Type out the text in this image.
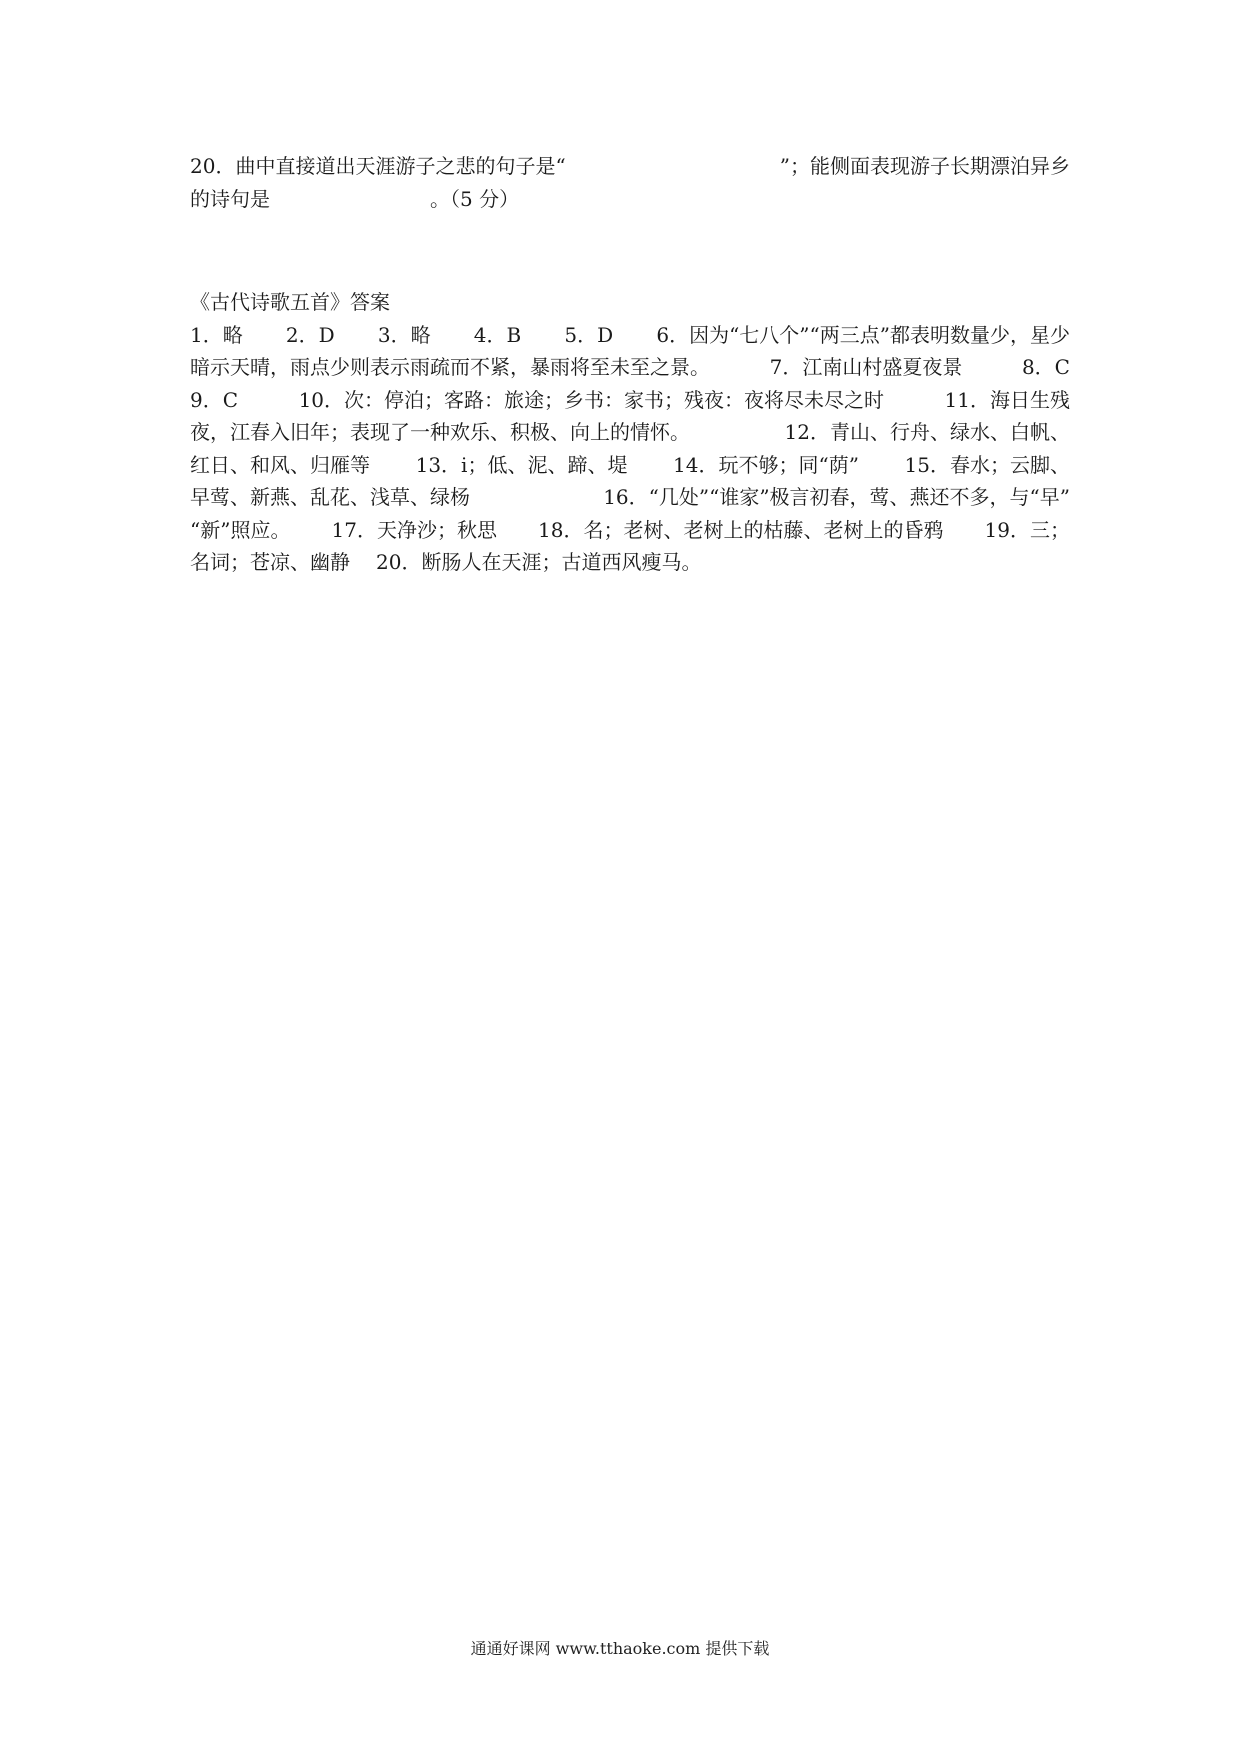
20．曲中直接道出天涯游子之悲的句子是“	”；能侧面表现游子长期漂泊异乡
的诗句是	。（5 分）
《古代诗歌五首》答案
1．略 2．D 3．略 4．B 5．D 6．因为“七八个”“两三点”都表明数量少，星少
暗示天晴，雨点少则表示雨疏而不紧，暴雨将至未至之景。	7．江南山村盛夏夜景	8．C
9．C	10．次：停泊；客路：旅途；乡书：家书；残夜：夜将尽未尽之时	11．海日生残
夜，江春入旧年；表现了一种欢乐、积极、向上的情怀。	12．青山、行舟、绿水、白帆、
红日、和风、归雁等 13．i；低、泥、蹄、堤 14．玩不够；同“荫” 15．春水；云脚、
早莺、新燕、乱花、浅草、绿杨	16．“几处”“谁家”极言初春，莺、燕还不多，与“早”
“新”照应。 17．天净沙；秋思 18．名；老树、老树上的枯藤、老树上的昏鸦 19．三；
名词；苍凉、幽静 20．断肠人在天涯；古道西风瘦马。
通通好课网 www.tthaoke.com 提供下载
